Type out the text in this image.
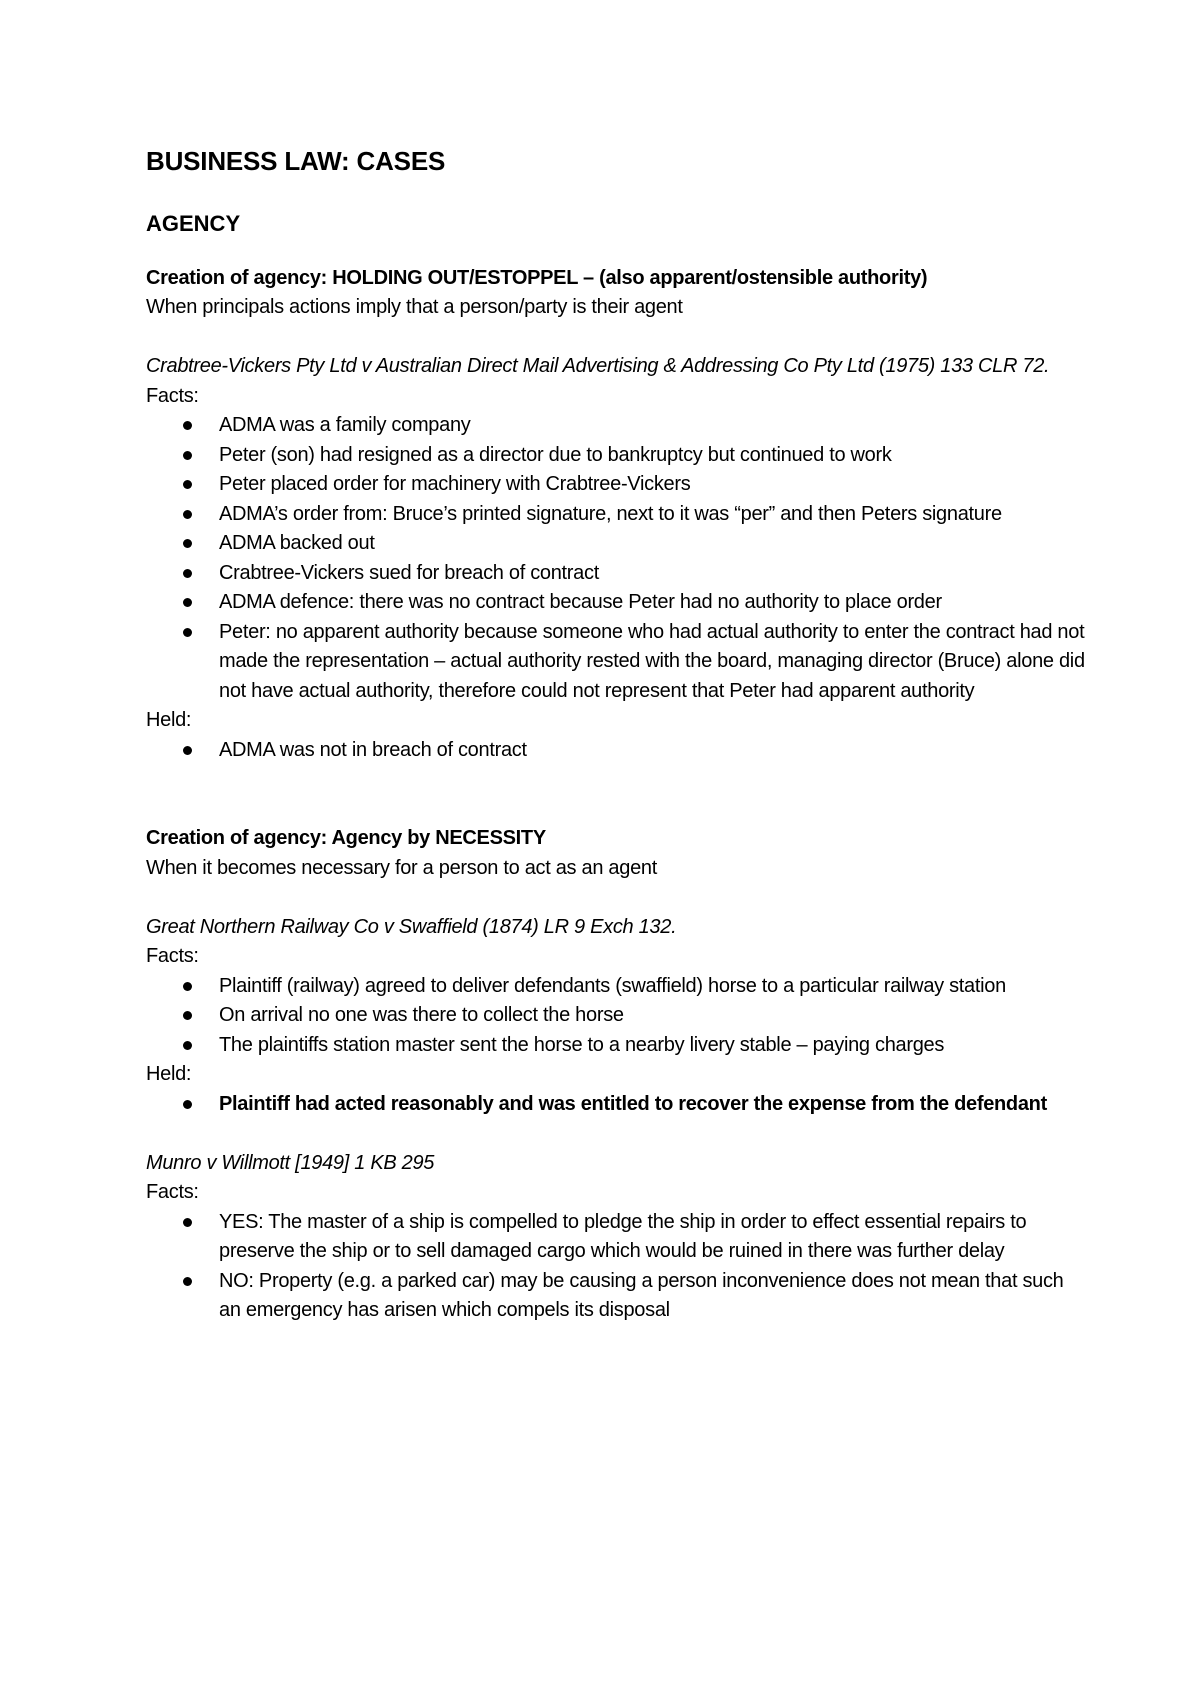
BUSINESS LAW: CASES
AGENCY

Creation of agency: HOLDING OUT/ESTOPPEL – (also apparent/ostensible authority)

When principals actions imply that a person/party is their agent

Crabtree-Vickers Pty Ltd v Australian Direct Mail Advertising & Addressing Co Pty Ltd (1975) 133 CLR 72.

Facts:

ADMA was a family company
Peter (son) had resigned as a director due to bankruptcy but continued to work
Peter placed order for machinery with Crabtree-Vickers
ADMA’s order from: Bruce’s printed signature, next to it was “per” and then Peters signature
ADMA backed out
Crabtree-Vickers sued for breach of contract
ADMA defence: there was no contract because Peter had no authority to place order
Peter: no apparent authority because someone who had actual authority to enter the contract had not made the representation – actual authority rested with the board, managing director (Bruce) alone did not have actual authority, therefore could not represent that Peter had apparent authority

Held:

ADMA was not in breach of contract

Creation of agency: Agency by NECESSITY

When it becomes necessary for a person to act as an agent

Great Northern Railway Co v Swaffield (1874) LR 9 Exch 132.

Facts:

Plaintiff (railway) agreed to deliver defendants (swaffield) horse to a particular railway station
On arrival no one was there to collect the horse
The plaintiffs station master sent the horse to a nearby livery stable – paying charges

Held:

Plaintiff had acted reasonably and was entitled to recover the expense from the defendant

Munro v Willmott [1949] 1 KB 295

Facts:

YES: The master of a ship is compelled to pledge the ship in order to effect essential repairs to preserve the ship or to sell damaged cargo which would be ruined in there was further delay
NO: Property (e.g. a parked car) may be causing a person inconvenience does not mean that such an emergency has arisen which compels its disposal
